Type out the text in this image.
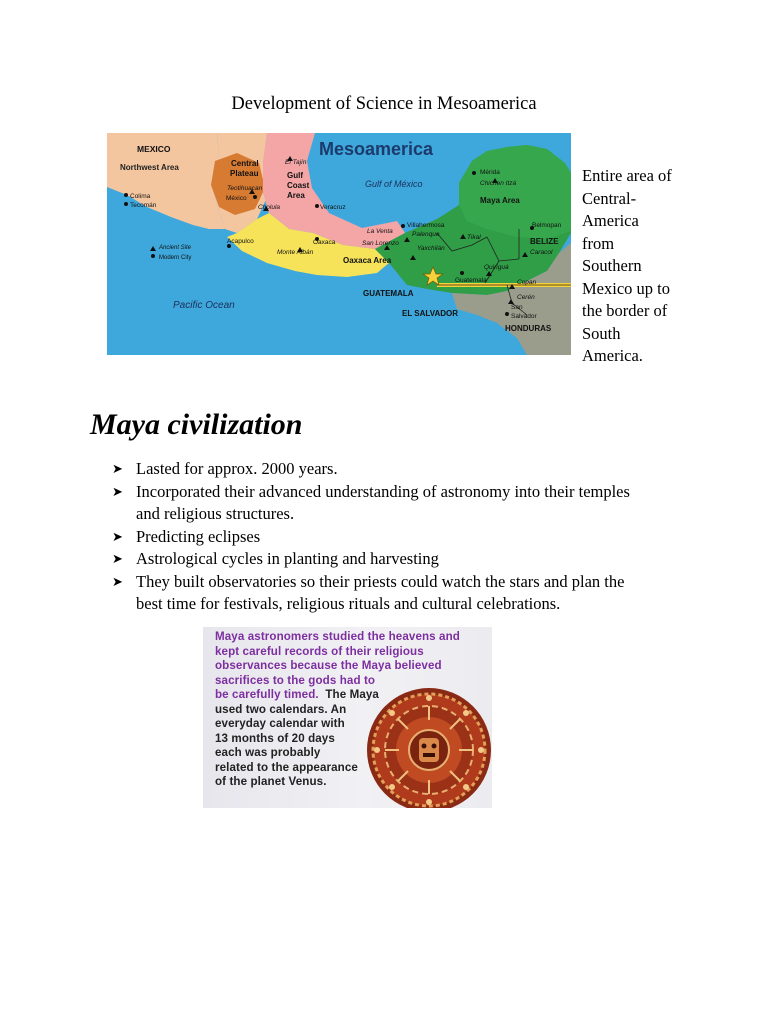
Development of Science in Mesoamerica
Mesoamerica
MEXICO
Northwest Area	Central
Plateau	Gulf
Coast
Area
Gulf of México
Maya Area
Oaxaca Area
Pacific Ocean
GUATEMALA
EL SALVADOR
HONDURAS
BELIZE
Colima
Tecomán
El Tajín
Teotihuacan
México
Cholula	Veracruz
Mérida
Chichen Itzá
Acapulco	Oaxaca
Monte Albán
La Venta
San Lorenzo
Villahermosa
Palenque
Yaxchilán
Tikal
Belmopan
Caracol
Quiriguá
Guatemala	Copan
Cerén
San
Salvador
Ancient Site
Modern City
Entire area of
Central-
America
from
Southern
Mexico up to
the border of
South
America.
Maya civilization
➤ Lasted for approx. 2000 years.
➤ Incorporated their advanced understanding of astronomy into their temples
and religious structures.
➤ Predicting eclipses
➤ Astrological cycles in planting and harvesting
➤ They built observatories so their priests could watch the stars and plan the
best time for festivals, religious rituals and cultural celebrations.
Maya astronomers studied the heavens and
kept careful records of their religious
observances because the Maya believed
sacrifices to the gods had to
be carefully timed.  The Maya
used two calendars. An
everyday calendar with
13 months of 20 days
each was probably
related to the appearance
of the planet Venus.
